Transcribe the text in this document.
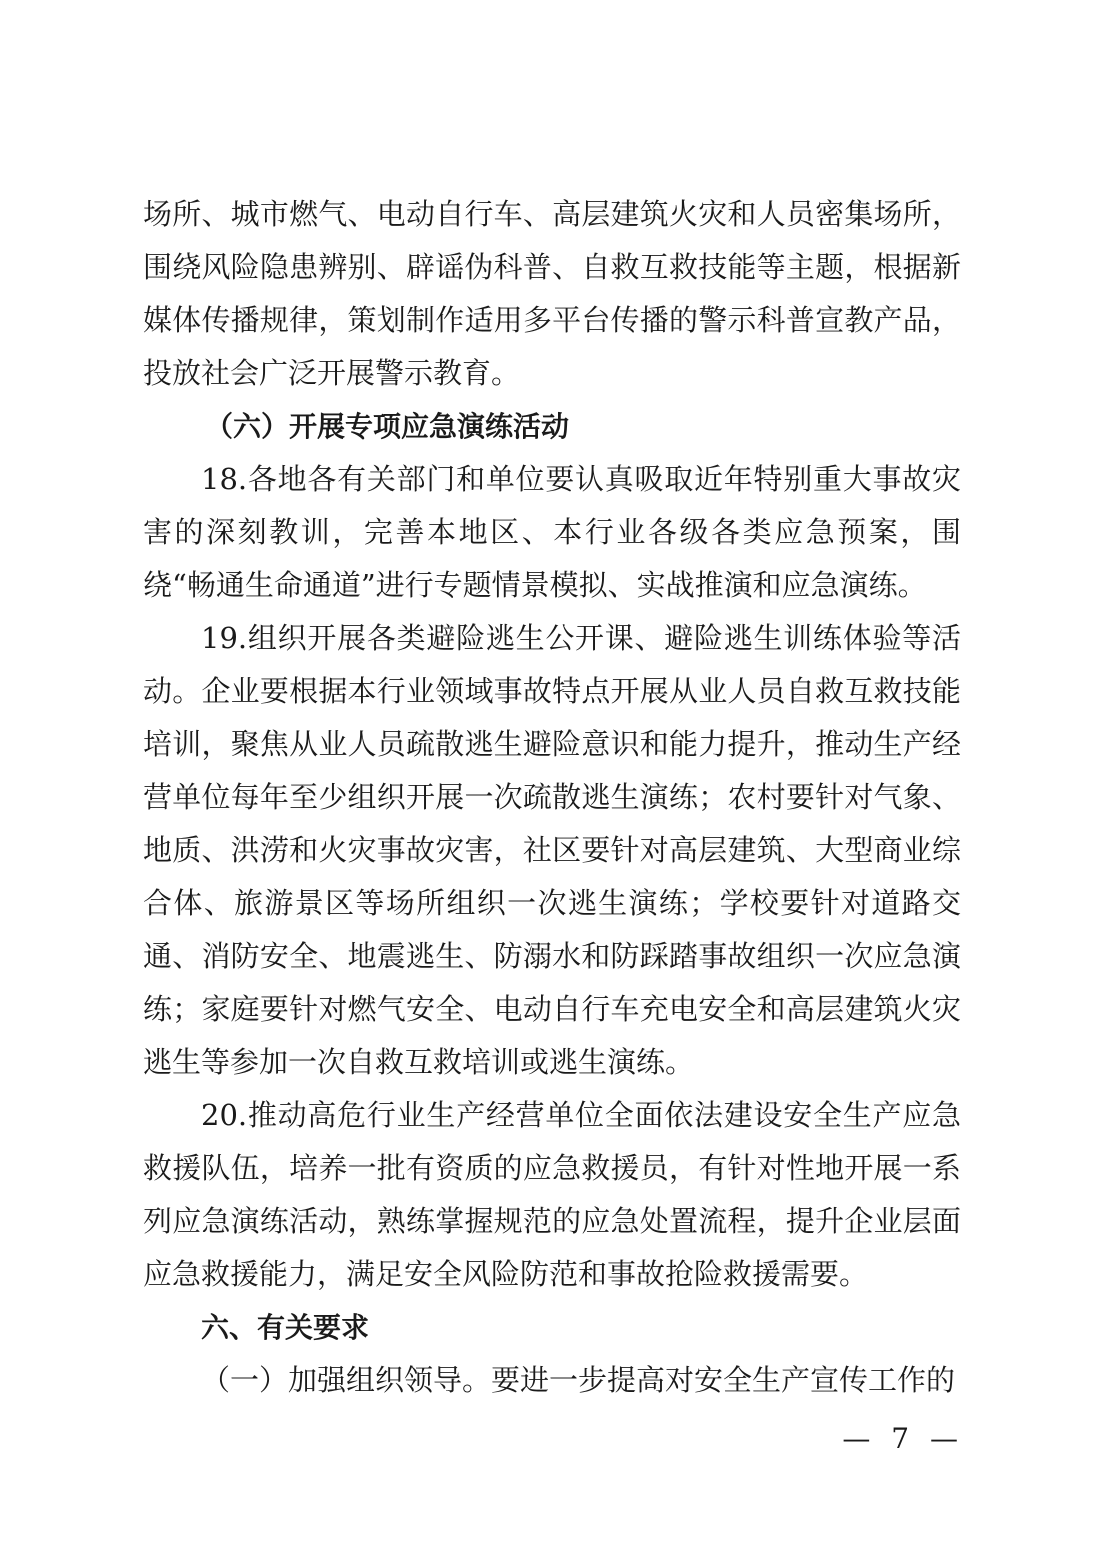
场所、城市燃气、电动自行车、高层建筑火灾和人员密集场所，围绕风险隐患辨别、辟谣伪科普、自救互救技能等主题，根据新媒体传播规律，策划制作适用多平台传播的警示科普宣教产品，投放社会广泛开展警示教育。

（六）开展专项应急演练活动

18.各地各有关部门和单位要认真吸取近年特别重大事故灾害的深刻教训，完善本地区、本行业各级各类应急预案，围绕“畅通生命通道”进行专题情景模拟、实战推演和应急演练。

19.组织开展各类避险逃生公开课、避险逃生训练体验等活动。企业要根据本行业领域事故特点开展从业人员自救互救技能培训，聚焦从业人员疏散逃生避险意识和能力提升，推动生产经营单位每年至少组织开展一次疏散逃生演练；农村要针对气象、地质、洪涝和火灾事故灾害，社区要针对高层建筑、大型商业综合体、旅游景区等场所组织一次逃生演练；学校要针对道路交通、消防安全、地震逃生、防溺水和防踩踏事故组织一次应急演练；家庭要针对燃气安全、电动自行车充电安全和高层建筑火灾逃生等参加一次自救互救培训或逃生演练。

20.推动高危行业生产经营单位全面依法建设安全生产应急救援队伍，培养一批有资质的应急救援员，有针对性地开展一系列应急演练活动，熟练掌握规范的应急处置流程，提升企业层面应急救援能力，满足安全风险防范和事故抢险救援需要。

六、有关要求

（一）加强组织领导。要进一步提高对安全生产宣传工作的

— 7 —
